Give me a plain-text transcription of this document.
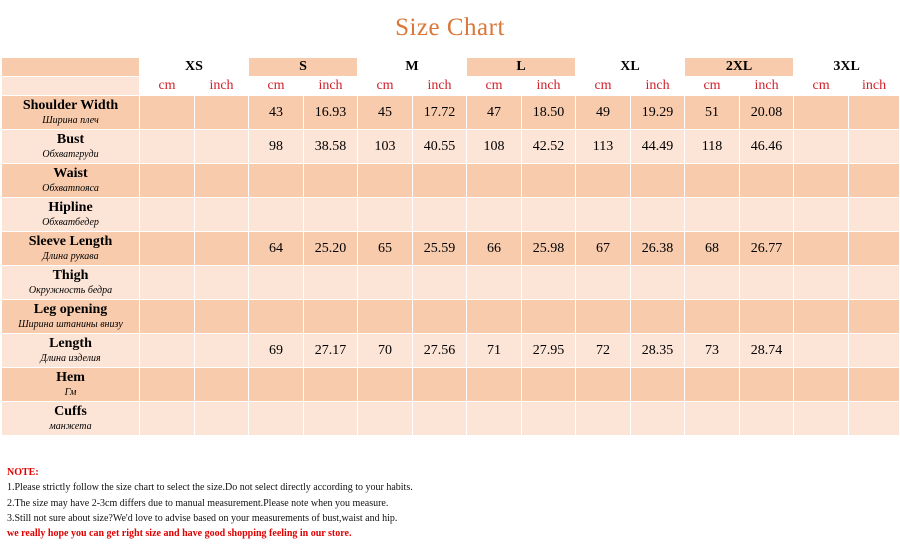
Size Chart
	XS		S		M		L		XL		2XL		3XL	
	cm	inch	cm	inch	cm	inch	cm	inch	cm	inch	cm	inch	cm	inch

Shoulder Width
Ширина плеч			43	16.93	45	17.72	47	18.50	49	19.29	51	20.08		

Bust
Обхватгруди			98	38.58	103	40.55	108	42.52	113	44.49	118	46.46		

Waist
Обхватпояса														

Hipline
Обхватбедер														

Sleeve Length
Длина рукава			64	25.20	65	25.59	66	25.98	67	26.38	68	26.77		

Thigh
Окружность бедра														

Leg opening
Ширина штанины внизу														

Length
Длина изделия			69	27.17	70	27.56	71	27.95	72	28.35	73	28.74		

Hem
Гм														

Cuffs
манжета														

NOTE:
1.Please strictly follow the size chart to select the size.Do not select directly according to your habits.
2.The size may have 2-3cm differs due to manual measurement.Please note when you measure.
3.Still not sure about size?We'd love to advise based on your measurements of bust,waist and hip.
we really hope you can get right size and have good shopping feeling in our store.
